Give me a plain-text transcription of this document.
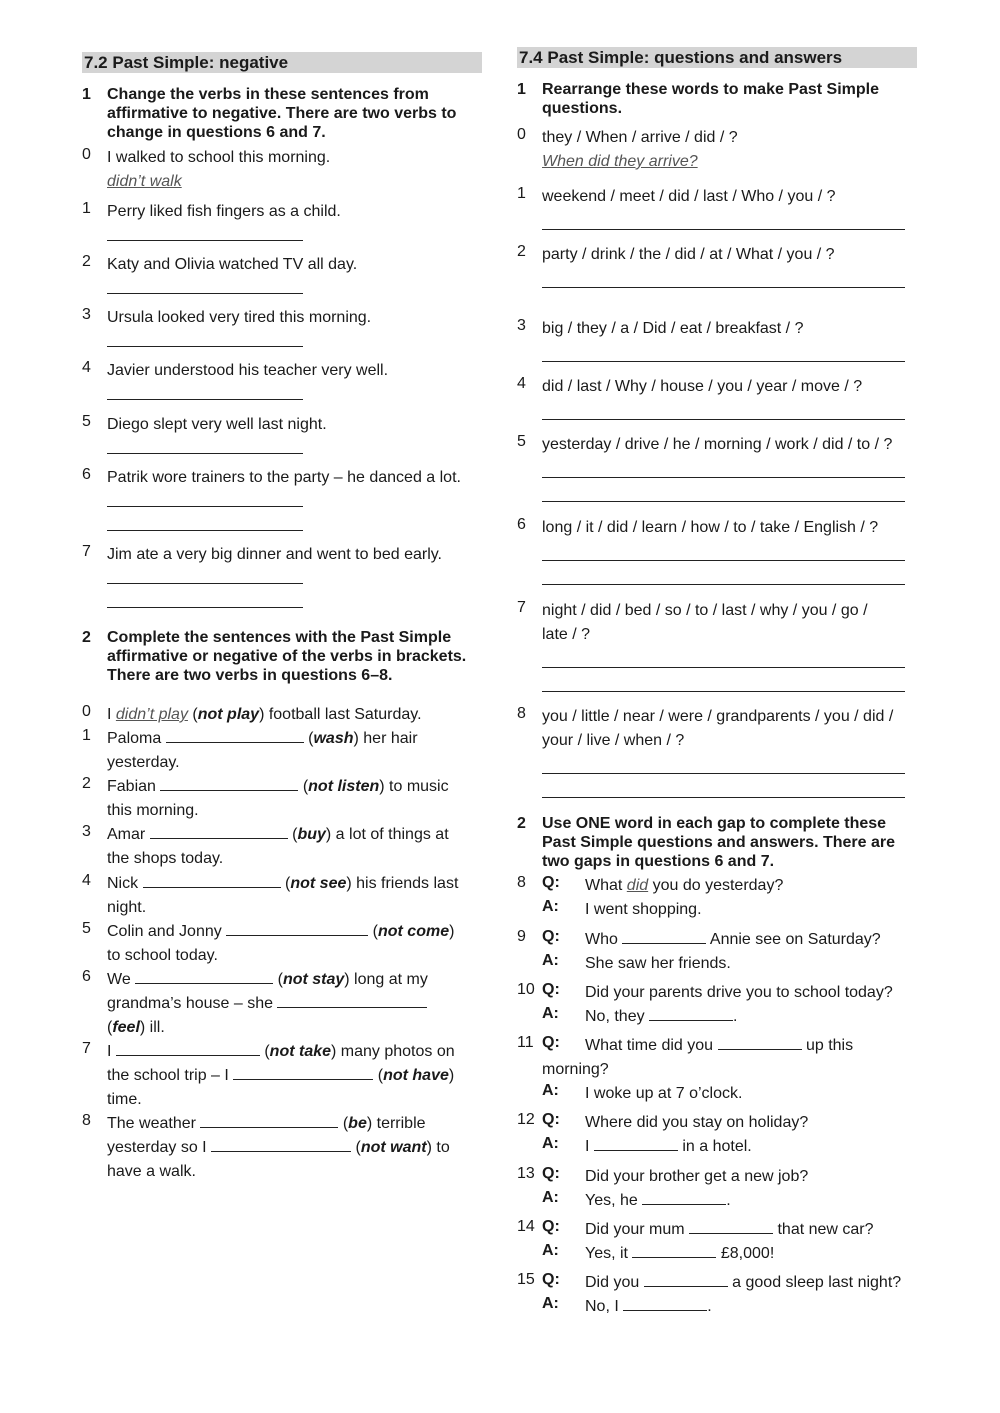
7.2 Past Simple: negative
1	Change the verbs in these sentences from affirmative to negative. There are two verbs to change in questions 6 and 7.
0	I walked to school this morning.
didn’t walk
1	Perry liked fish fingers as a child.
2	Katy and Olivia watched TV all day.
3	Ursula looked very tired this morning.
4	Javier understood his teacher very well.
5	Diego slept very well last night.
6	Patrik wore trainers to the party – he danced a lot.
7	Jim ate a very big dinner and went to bed early.
2	Complete the sentences with the Past Simple affirmative or negative of the verbs in brackets. There are two verbs in questions 6–8.
0	I didn’t play (not play) football last Saturday.
1	Paloma	(wash) her hair
yesterday.
2	Fabian	(not listen) to music
this morning.
3	Amar	(buy) a lot of things at
the shops today.
4	Nick	(not see) his friends last
night.
5	Colin and Jonny	(not come)
to school today.
6	We	(not stay) long at my
grandma’s house – she
(feel) ill.
7	I	(not take) many photos on
the school trip – I	(not have)
time.
8	The weather	(be) terrible
yesterday so I	(not want) to
have a walk.
7.4 Past Simple: questions and answers
1	Rearrange these words to make Past Simple questions.
0	they / When / arrive / did / ?
When did they arrive?
1	weekend / meet / did / last / Who / you / ?
2	party / drink / the / did / at / What / you / ?
3	big / they / a / Did / eat / breakfast / ?
4	did / last / Why / house / you / year / move / ?
5	yesterday / drive / he / morning / work / did / to / ?
6	long / it / did / learn / how / to / take / English / ?
7	night / did / bed / so / to / last / why / you / go /
late / ?
8	you / little / near / were / grandparents / you / did /
your / live / when / ?
2	Use ONE word in each gap to complete these Past Simple questions and answers. There are two gaps in questions 6 and 7.
8 Q: What did you do yesterday?
A: I went shopping.
9 Q: Who	Annie see on Saturday?
A: She saw her friends.
10 Q: Did your parents drive you to school today?
A: No, they	.
11 Q: What time did you	up this
morning?
A: I woke up at 7 o’clock.
12 Q: Where did you stay on holiday?
A: I	in a hotel.
13 Q: Did your brother get a new job?
A: Yes, he	.
14 Q: Did your mum	that new car?
A: Yes, it	£8,000!
15 Q: Did you	a good sleep last night?
A: No, I	.
